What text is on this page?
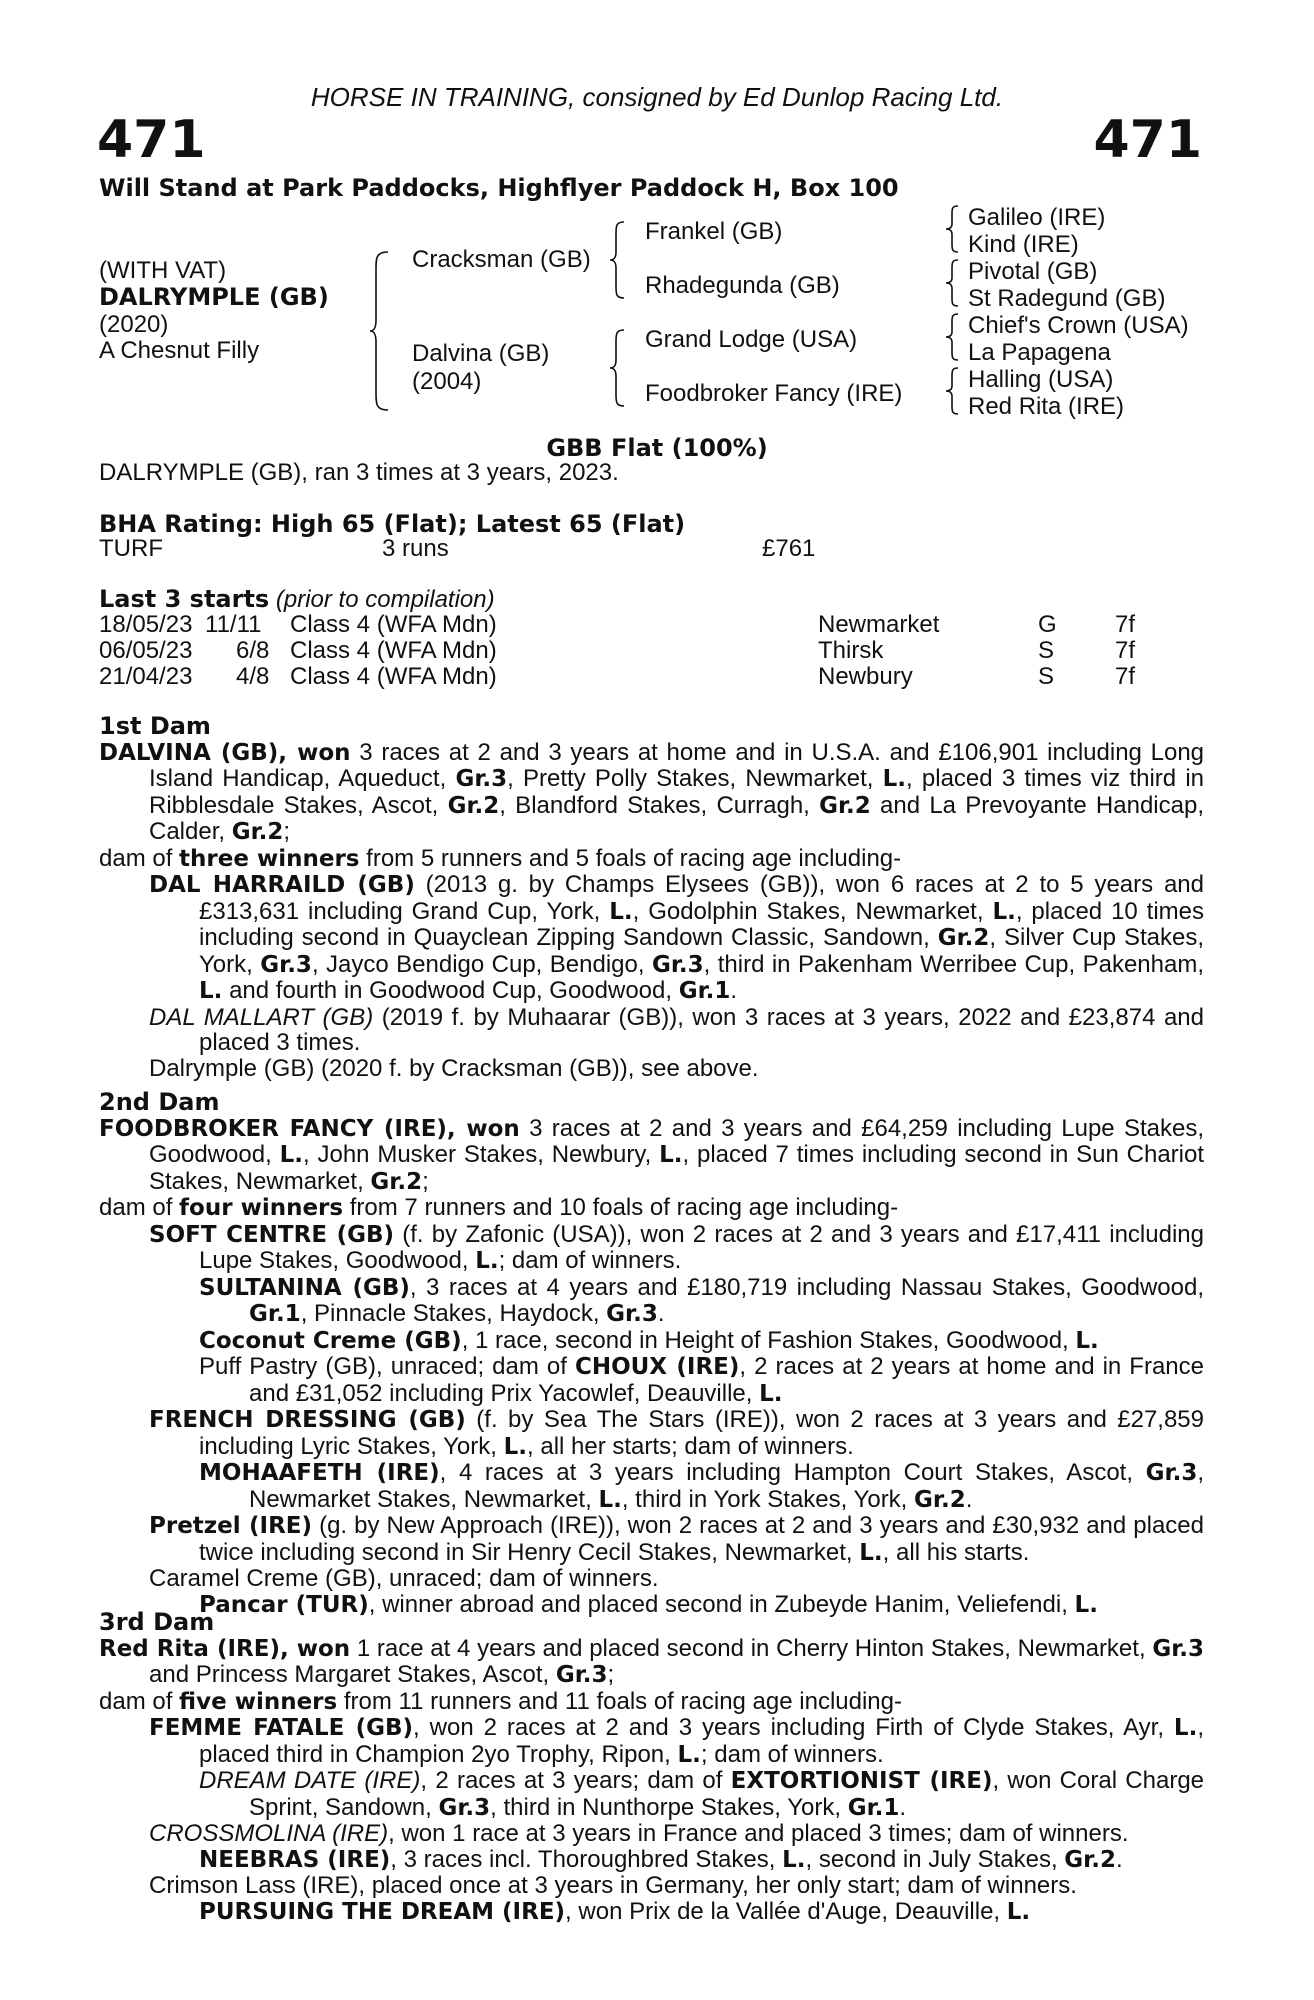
HORSE IN TRAINING, consigned by Ed Dunlop Racing Ltd.
471	471
Will Stand at Park Paddocks, Highflyer Paddock H, Box 100
(WITH VAT)
DALRYMPLE (GB)
(2020)
A Chesnut Filly
Cracksman (GB)
Dalvina (GB)
(2004)
Frankel (GB)
Rhadegunda (GB)
Grand Lodge (USA)
Foodbroker Fancy (IRE)
Galileo (IRE)
Kind (IRE)
Pivotal (GB)
St Radegund (GB)
Chief's Crown (USA)
La Papagena
Halling (USA)
Red Rita (IRE)
GBB Flat (100%)
DALRYMPLE (GB), ran 3 times at 3 years, 2023.
BHA Rating: High 65 (Flat); Latest 65 (Flat)
TURF	3 runs	£761
Last 3 starts (prior to compilation)
18/05/23 11/11 Class 4 (WFA Mdn)	Newmarket	G 7f
06/05/23 6/8 Class 4 (WFA Mdn)	Thirsk	S	7f
21/04/23 4/8 Class 4 (WFA Mdn)	Newbury	S	7f

1st Dam

DALVINA (GB), won 3 races at 2 and 3 years at home and in U.S.A. and £106,901 including Long Island Handicap, Aqueduct, Gr.3, Pretty Polly Stakes, Newmarket, L., placed 3 times viz third in Ribblesdale Stakes, Ascot, Gr.2, Blandford Stakes, Curragh, Gr.2 and La Prevoyante Handicap, Calder, Gr.2;

dam of three winners from 5 runners and 5 foals of racing age including-

DAL HARRAILD (GB) (2013 g. by Champs Elysees (GB)), won 6 races at 2 to 5 years and £313,631 including Grand Cup, York, L., Godolphin Stakes, Newmarket, L., placed 10 times including second in Quayclean Zipping Sandown Classic, Sandown, Gr.2, Silver Cup Stakes, York, Gr.3, Jayco Bendigo Cup, Bendigo, Gr.3, third in Pakenham Werribee Cup, Pakenham, L. and fourth in Goodwood Cup, Goodwood, Gr.1.

DAL MALLART (GB) (2019 f. by Muhaarar (GB)), won 3 races at 3 years, 2022 and £23,874 and placed 3 times.

Dalrymple (GB) (2020 f. by Cracksman (GB)), see above.

2nd Dam

FOODBROKER FANCY (IRE), won 3 races at 2 and 3 years and £64,259 including Lupe Stakes, Goodwood, L., John Musker Stakes, Newbury, L., placed 7 times including second in Sun Chariot Stakes, Newmarket, Gr.2;

dam of four winners from 7 runners and 10 foals of racing age including-

SOFT CENTRE (GB) (f. by Zafonic (USA)), won 2 races at 2 and 3 years and £17,411 including Lupe Stakes, Goodwood, L.; dam of winners.

SULTANINA (GB), 3 races at 4 years and £180,719 including Nassau Stakes, Goodwood, Gr.1, Pinnacle Stakes, Haydock, Gr.3.

Coconut Creme (GB), 1 race, second in Height of Fashion Stakes, Goodwood, L.

Puff Pastry (GB), unraced; dam of CHOUX (IRE), 2 races at 2 years at home and in France and £31,052 including Prix Yacowlef, Deauville, L.

FRENCH DRESSING (GB) (f. by Sea The Stars (IRE)), won 2 races at 3 years and £27,859 including Lyric Stakes, York, L., all her starts; dam of winners.

MOHAAFETH (IRE), 4 races at 3 years including Hampton Court Stakes, Ascot, Gr.3, Newmarket Stakes, Newmarket, L., third in York Stakes, York, Gr.2.

Pretzel (IRE) (g. by New Approach (IRE)), won 2 races at 2 and 3 years and £30,932 and placed twice including second in Sir Henry Cecil Stakes, Newmarket, L., all his starts.

Caramel Creme (GB), unraced; dam of winners.

Pancar (TUR), winner abroad and placed second in Zubeyde Hanim, Veliefendi, L.

3rd Dam

Red Rita (IRE), won 1 race at 4 years and placed second in Cherry Hinton Stakes, Newmarket, Gr.3 and Princess Margaret Stakes, Ascot, Gr.3;

dam of five winners from 11 runners and 11 foals of racing age including-

FEMME FATALE (GB), won 2 races at 2 and 3 years including Firth of Clyde Stakes, Ayr, L., placed third in Champion 2yo Trophy, Ripon, L.; dam of winners.

DREAM DATE (IRE), 2 races at 3 years; dam of EXTORTIONIST (IRE), won Coral Charge Sprint, Sandown, Gr.3, third in Nunthorpe Stakes, York, Gr.1.

CROSSMOLINA (IRE), won 1 race at 3 years in France and placed 3 times; dam of winners.

NEEBRAS (IRE), 3 races incl. Thoroughbred Stakes, L., second in July Stakes, Gr.2.

Crimson Lass (IRE), placed once at 3 years in Germany, her only start; dam of winners.

PURSUING THE DREAM (IRE), won Prix de la Vallée d'Auge, Deauville, L.
